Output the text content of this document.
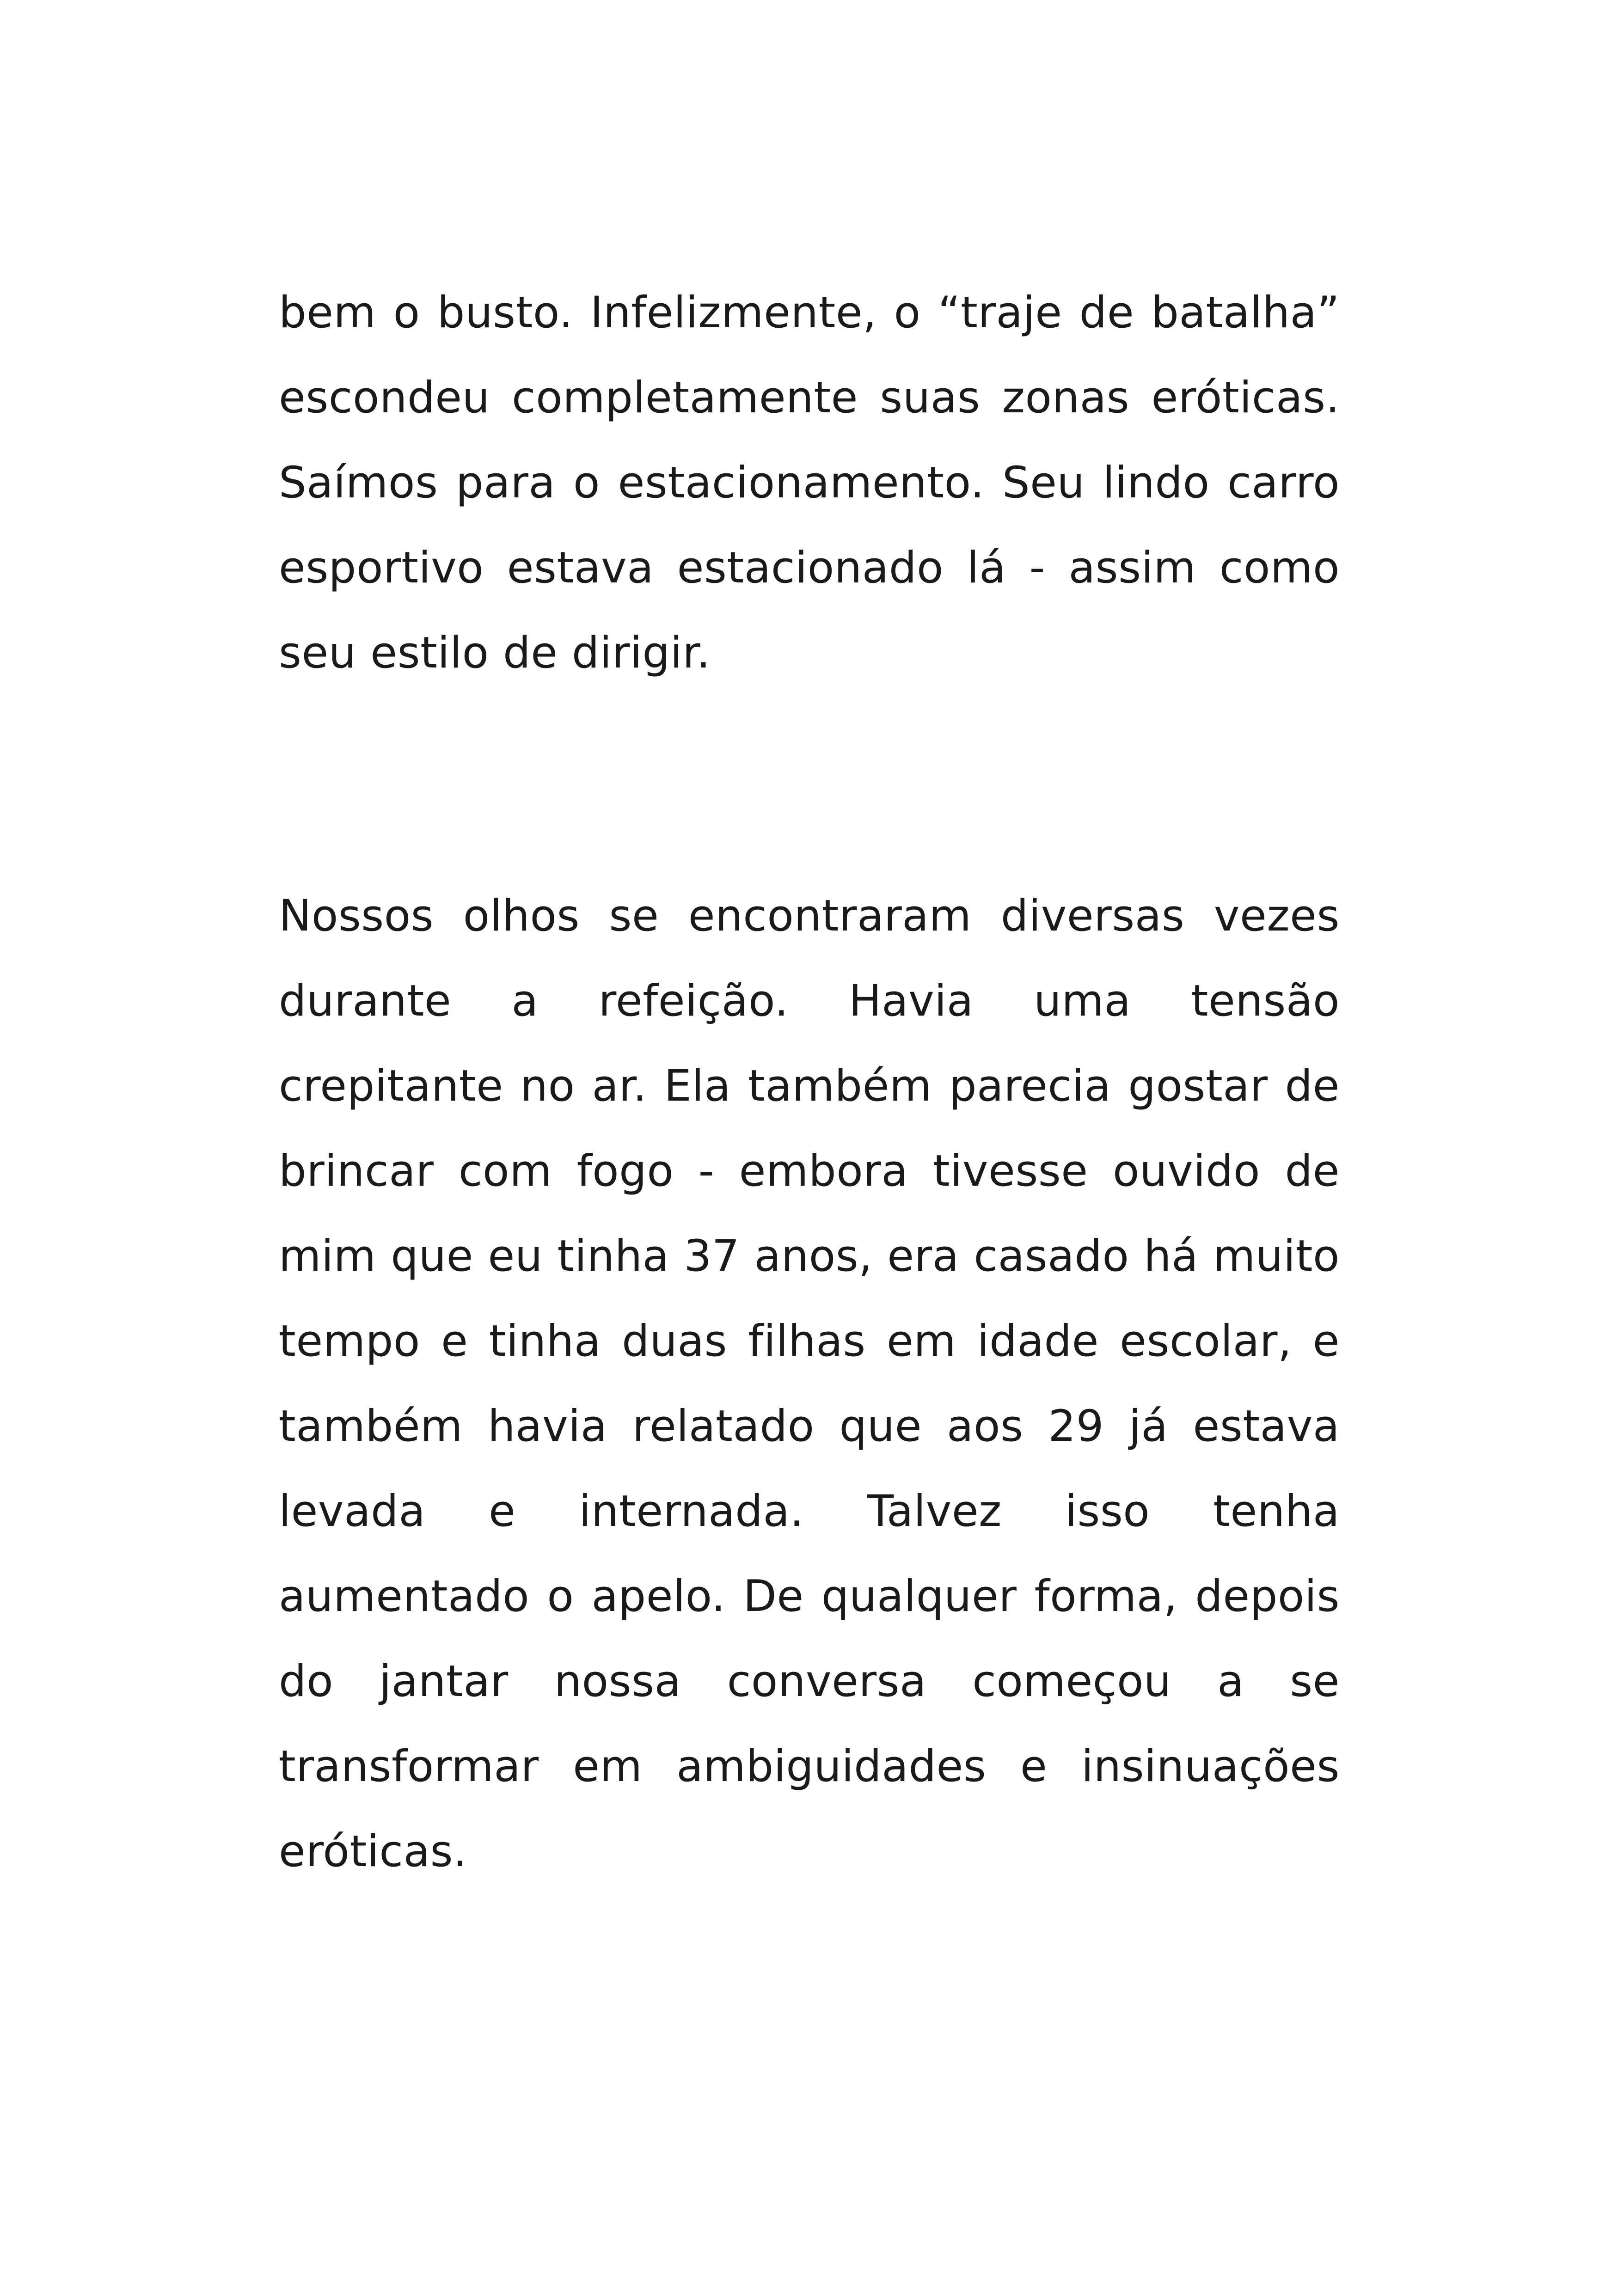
bem o busto. Infelizmente, o “traje de batalha” escondeu completamente suas zonas eróticas. Saímos para o estacionamento. Seu lindo carro esportivo estava estacionado lá - assim como seu estilo de dirigir.

Nossos olhos se encontraram diversas vezes durante a refeição. Havia uma tensão crepitante no ar. Ela também parecia gostar de brincar com fogo - embora tivesse ouvido de mim que eu tinha 37 anos, era casado há muito tempo e tinha duas filhas em idade escolar, e também havia relatado que aos 29 já estava levada e internada. Talvez isso tenha aumentado o apelo. De qualquer forma, depois do jantar nossa conversa começou a se transformar em ambiguidades e insinuações eróticas.
